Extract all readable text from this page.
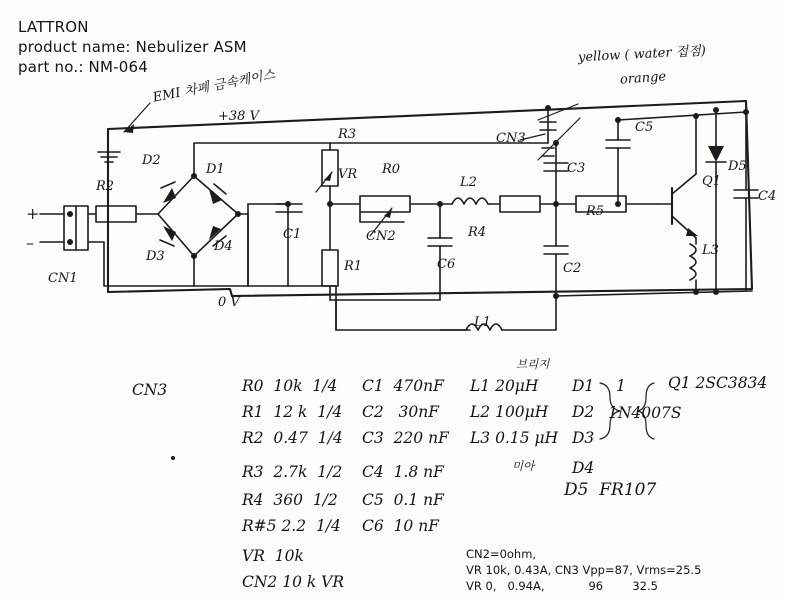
LATTRON
product name: Nebulizer ASM
part no.: NM-064
+
–
EMI 차폐 금속케이스
+38 V
0 V
yellow ( water 접점)
orange
CN1
R2
D1
D2
D3
D4
C1
R3
VR
R1
R0
CN2
C6
L1
L2
R4
C2
C3
CN3
R5
C5
Q1
L3
D5
C4
CN3	R0  10k  1/4
R1  12 k  1/4
R2  0.47  1/4
R3  2.7k  1/2
R4  360  1/2
R#5 2.2  1/4
VR  10k
CN2 10 k VR
C1  470nF
C2   30nF
C3  220 nF
C4  1.8 nF
C5  0.1 nF
C6  10 nF
L1 20μH
L2 100μH
L3 0.15 μH
D1
D2
D3
D4
브리지
미아
1
1N4007S
Q1 2SC3834
D5  FR107
CN2=0ohm,
VR 10k, 0.43A, CN3 Vpp=87, Vrms=25.5
VR 0,   0.94A,            96        32.5
